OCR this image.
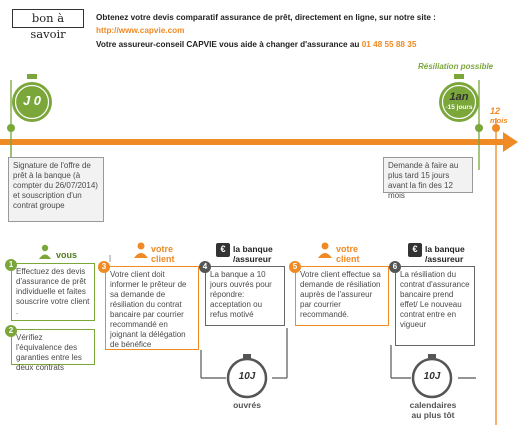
bon à savoir
Obtenez votre devis comparatif assurance de prêt, directement en ligne, sur notre site :
http://www.capvie.com
Votre assureur-conseil CAPVIE vous aide à changer d'assurance au 01 48 55 88 35
J 0	1an
-15 jours
Résiliation possible
12
mois
Signature de l'offre de prêt à la banque (à compter du 26/07/2014) et souscription d'un contrat groupe
Demande à faire au plus tard 15 jours avant la fin des 12 mois
vous
votre
client
la banque
/assureur
votre
client
la banque
/assureur
Effectuez des devis d'assurance de prêt individuelle et faites souscrire votre client .
1
Vérifiez l'équivalence des garanties entre les deux contrats
2
Votre client doit informer le prêteur de sa demande de résiliation du contrat bancaire par courrier recommandé en joignant la délégation de bénéfice
3
La banque a 10 jours ouvrés pour répondre: acceptation ou refus motivé
4
Votre client effectue sa demande de résiliation auprès de l'assureur par courrier recommandé.
5
La résiliation du contrat d'assurance bancaire prend effet/ Le nouveau contrat entre en vigueur
6
10J
ouvrés
10J
calendaires
au plus tôt
€	€
